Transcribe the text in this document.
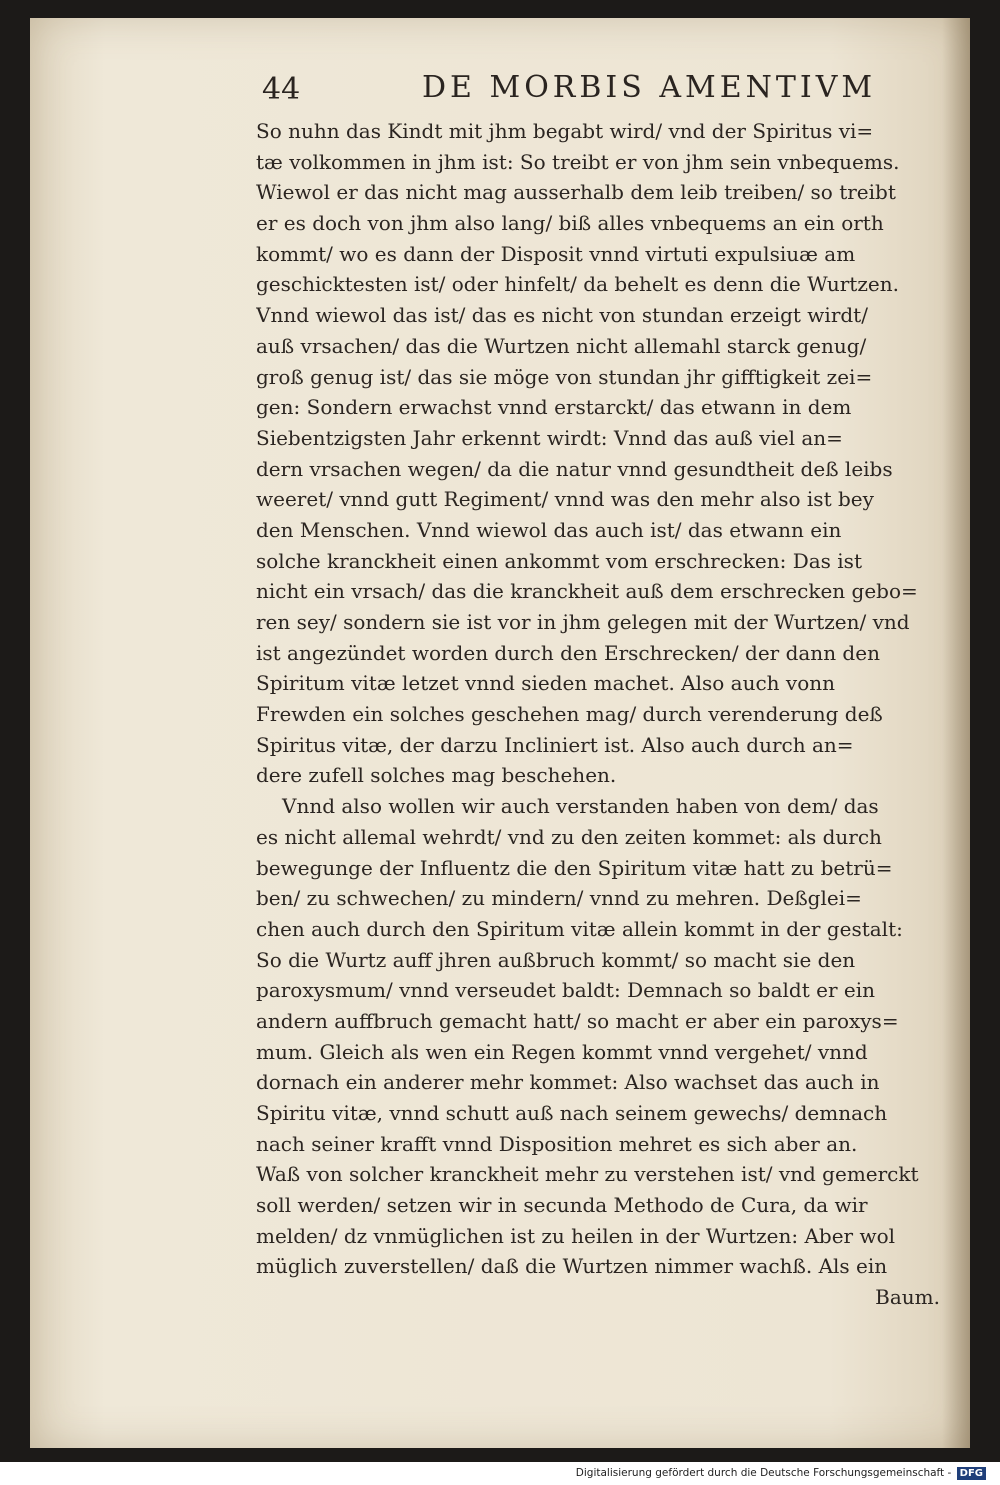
44	DE MORBIS AMENTIVM
So nuhn das Kindt mit jhm begabt wird/ vnd der Spiritus vi=
tæ volkommen in jhm ist: So treibt er von jhm sein vnbequems.
Wiewol er das nicht mag ausserhalb dem leib treiben/ so treibt
er es doch von jhm also lang/ biß alles vnbequems an ein orth
kommt/ wo es dann der Disposit vnnd virtuti expulsiuæ am
geschicktesten ist/ oder hinfelt/ da behelt es denn die Wurtzen.
Vnnd wiewol das ist/ das es nicht von stundan erzeigt wirdt/
auß vrsachen/ das die Wurtzen nicht allemahl starck genug/
groß genug ist/ das sie möge von stundan jhr gifftigkeit zei=
gen: Sondern erwachst vnnd erstarckt/ das etwann in dem
Siebentzigsten Jahr erkennt wirdt: Vnnd das auß viel an=
dern vrsachen wegen/ da die natur vnnd gesundtheit deß leibs
weeret/ vnnd gutt Regiment/ vnnd was den mehr also ist bey
den Menschen. Vnnd wiewol das auch ist/ das etwann ein
solche kranckheit einen ankommt vom erschrecken: Das ist
nicht ein vrsach/ das die kranckheit auß dem erschrecken gebo=
ren sey/ sondern sie ist vor in jhm gelegen mit der Wurtzen/ vnd
ist angezündet worden durch den Erschrecken/ der dann den
Spiritum vitæ letzet vnnd sieden machet. Also auch vonn
Frewden ein solches geschehen mag/ durch verenderung deß
Spiritus vitæ, der darzu Incliniert ist. Also auch durch an=
dere zufell solches mag beschehen.
Vnnd also wollen wir auch verstanden haben von dem/ das
es nicht allemal wehrdt/ vnd zu den zeiten kommet: als durch
bewegunge der Influentz die den Spiritum vitæ hatt zu betrü=
ben/ zu schwechen/ zu mindern/ vnnd zu mehren. Deßglei=
chen auch durch den Spiritum vitæ allein kommt in der gestalt:
So die Wurtz auff jhren außbruch kommt/ so macht sie den
paroxysmum/ vnnd verseudet baldt: Demnach so baldt er ein
andern auffbruch gemacht hatt/ so macht er aber ein paroxys=
mum. Gleich als wen ein Regen kommt vnnd vergehet/ vnnd
dornach ein anderer mehr kommet: Also wachset das auch in
Spiritu vitæ, vnnd schutt auß nach seinem gewechs/ demnach
nach seiner krafft vnnd Disposition mehret es sich aber an.
Waß von solcher kranckheit mehr zu verstehen ist/ vnd gemerckt
soll werden/ setzen wir in secunda Methodo de Cura, da wir
melden/ dz vnmüglichen ist zu heilen in der Wurtzen: Aber wol
müglich zuverstellen/ daß die Wurtzen nimmer wachß. Als ein
Baum.
Digitalisierung gefördert durch die Deutsche Forschungsgemeinschaft - DFG
